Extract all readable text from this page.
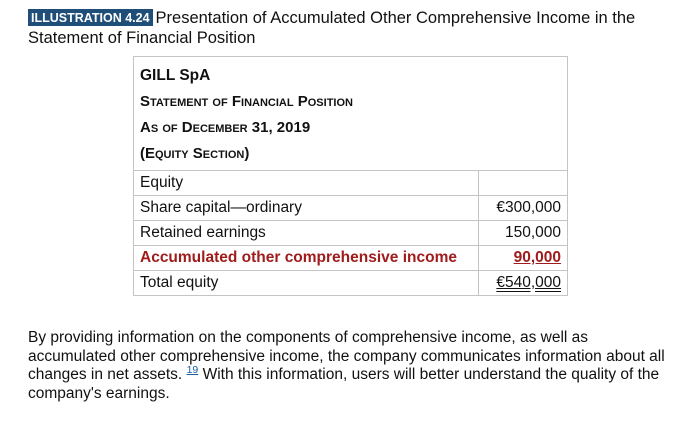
ILLUSTRATION 4.24 Presentation of Accumulated Other Comprehensive Income in the Statement of Financial Position
GILL SpA
Statement of Financial Position
As of December 31, 2019
(Equity Section)
Equity	
Share capital—ordinary	€300,000
Retained earnings	150,000
Accumulated other comprehensive income	90,000
Total equity	€540,000
By providing information on the components of comprehensive income, as well as accumulated other comprehensive income, the company communicates information about all changes in net assets. $^{19}$ With this information, users will better understand the quality of the company's earnings.
